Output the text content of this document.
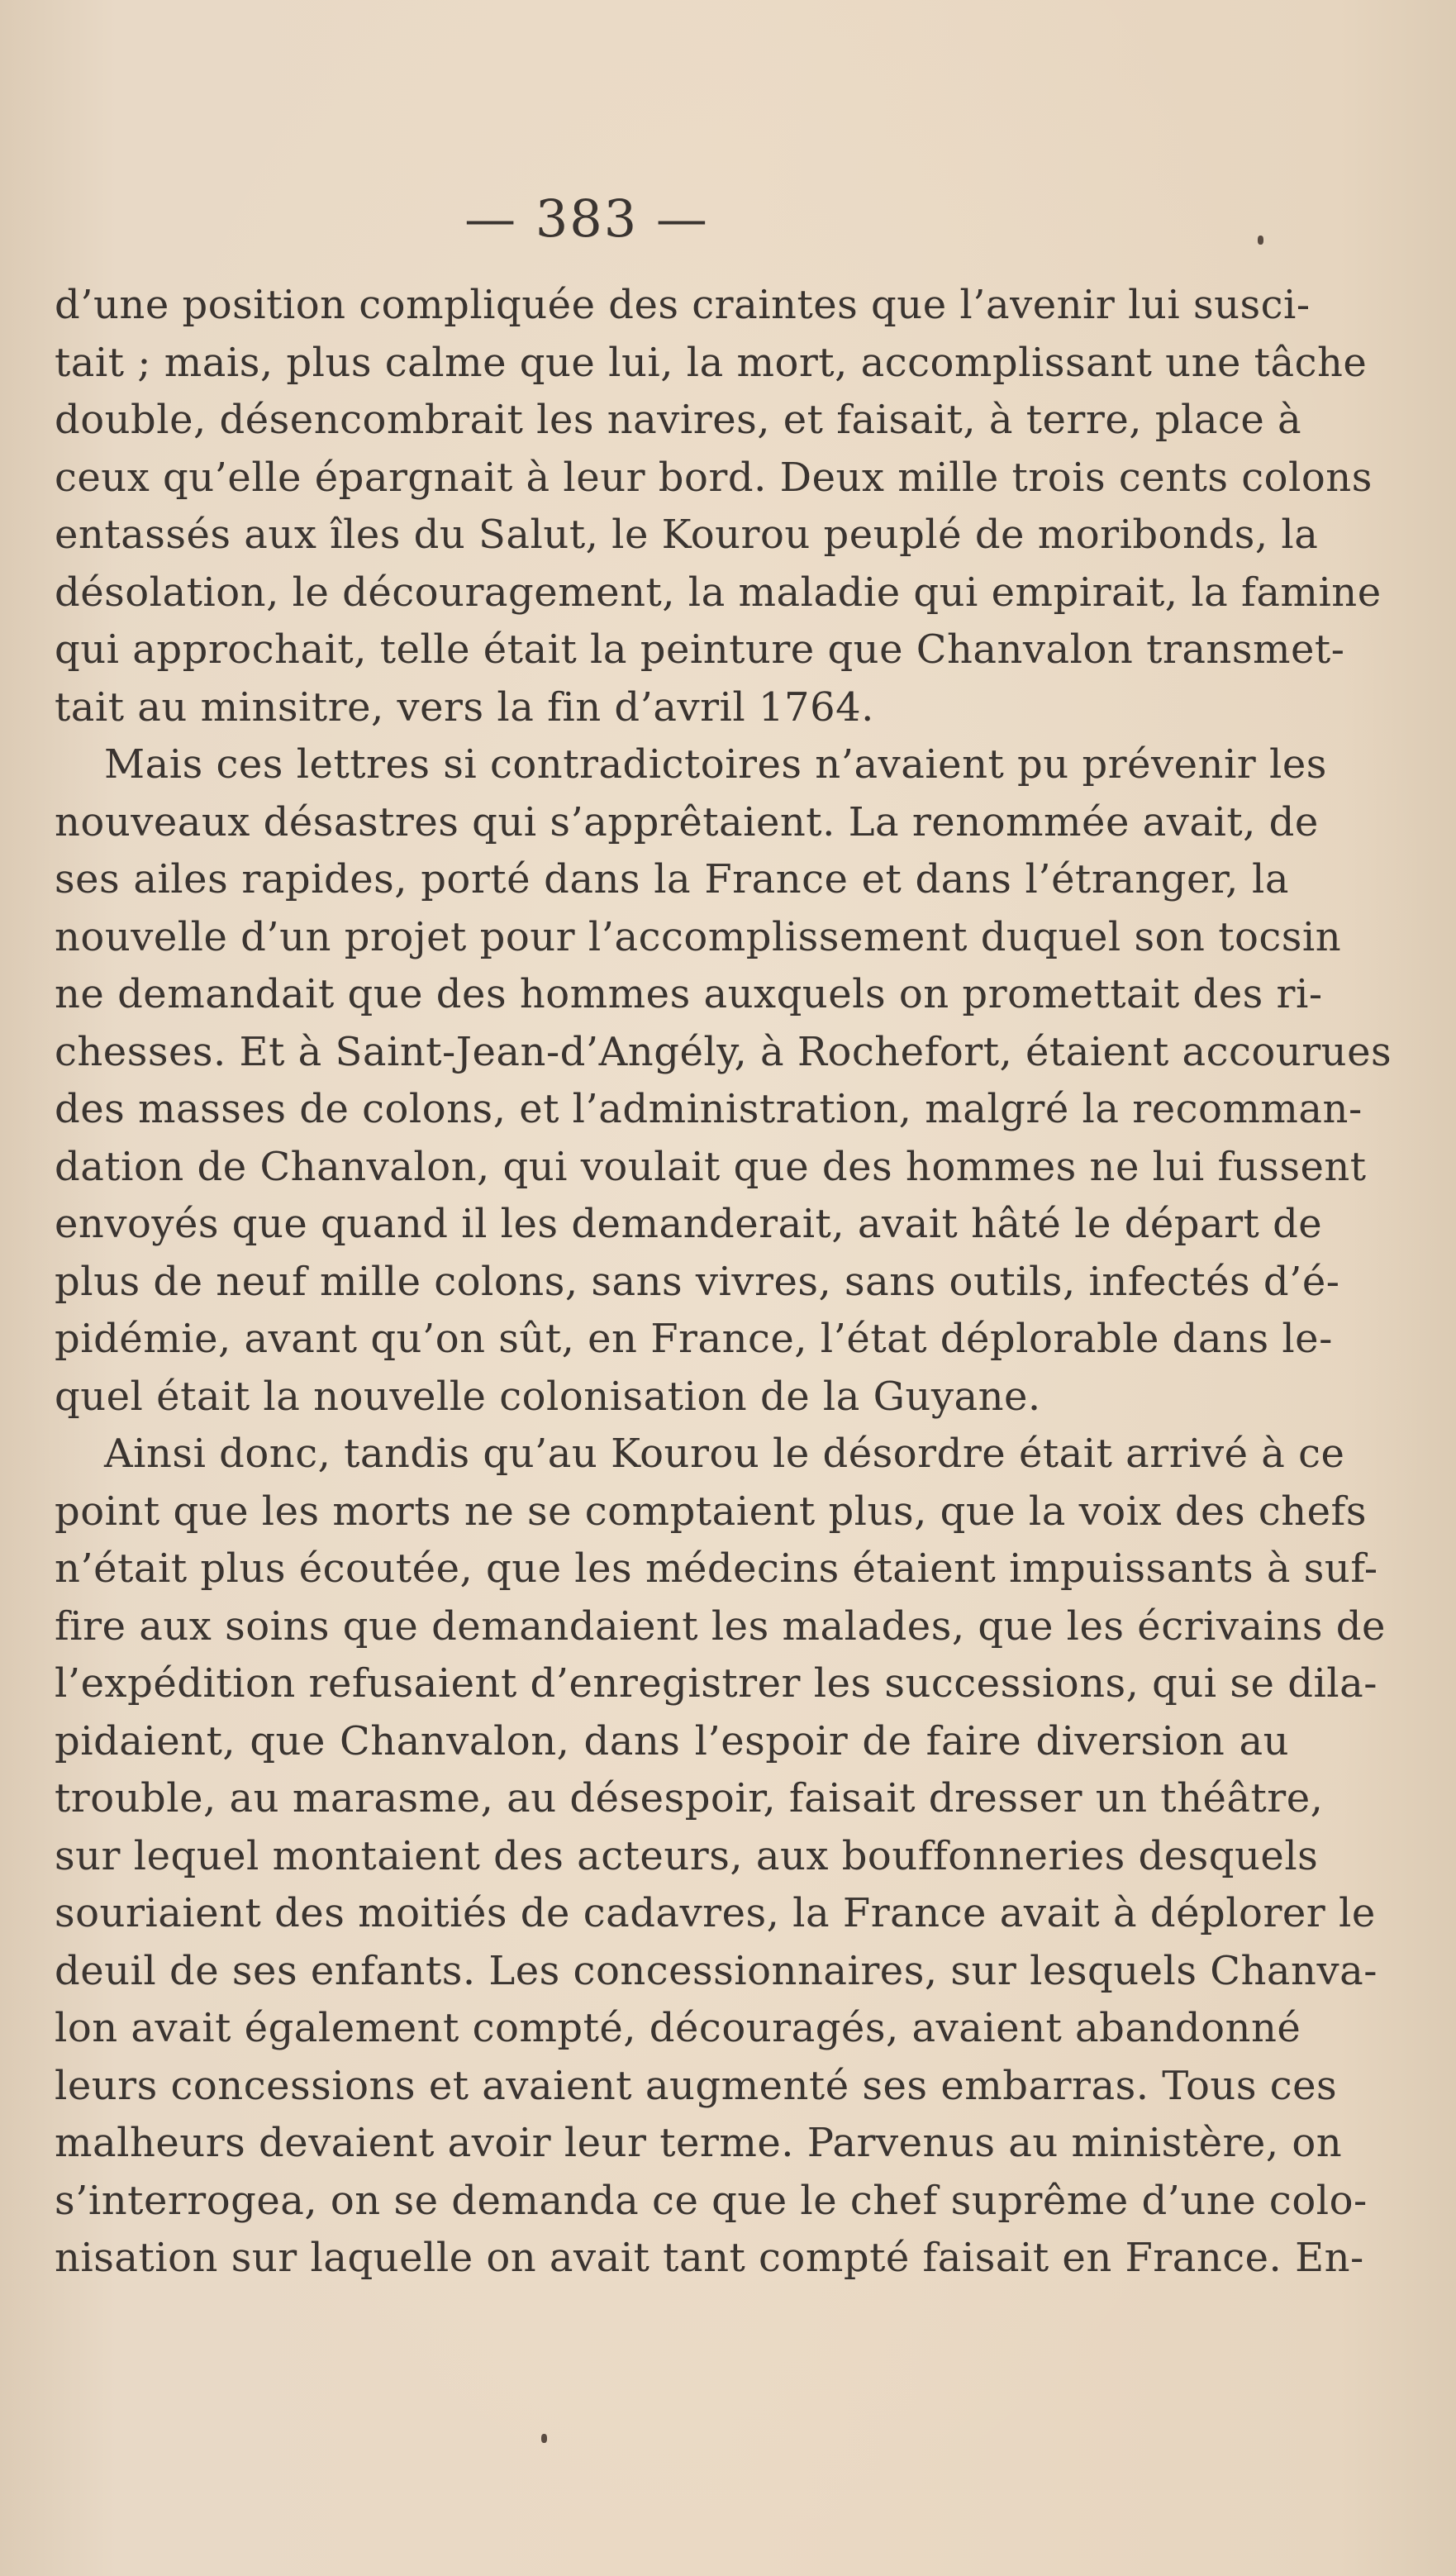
— 383 —
d’une position compliquée des craintes que l’avenir lui susci-
tait ; mais, plus calme que lui, la mort, accomplissant une tâche
double, désencombrait les navires, et faisait, à terre, place à
ceux qu’elle épargnait à leur bord. Deux mille trois cents colons
entassés aux îles du Salut, le Kourou peuplé de moribonds, la
désolation, le découragement, la maladie qui empirait, la famine
qui approchait, telle était la peinture que Chanvalon transmet-
tait au minsitre, vers la fin d’avril 1764.
Mais ces lettres si contradictoires n’avaient pu prévenir les
nouveaux désastres qui s’apprêtaient. La renommée avait, de
ses ailes rapides, porté dans la France et dans l’étranger, la
nouvelle d’un projet pour l’accomplissement duquel son tocsin
ne demandait que des hommes auxquels on promettait des ri-
chesses. Et à Saint-Jean-d’Angély, à Rochefort, étaient accourues
des masses de colons, et l’administration, malgré la recomman-
dation de Chanvalon, qui voulait que des hommes ne lui fussent
envoyés que quand il les demanderait, avait hâté le départ de
plus de neuf mille colons, sans vivres, sans outils, infectés d’é-
pidémie, avant qu’on sût, en France, l’état déplorable dans le-
quel était la nouvelle colonisation de la Guyane.
Ainsi donc, tandis qu’au Kourou le désordre était arrivé à ce
point que les morts ne se comptaient plus, que la voix des chefs
n’était plus écoutée, que les médecins étaient impuissants à suf-
fire aux soins que demandaient les malades, que les écrivains de
l’expédition refusaient d’enregistrer les successions, qui se dila-
pidaient, que Chanvalon, dans l’espoir de faire diversion au
trouble, au marasme, au désespoir, faisait dresser un théâtre,
sur lequel montaient des acteurs, aux bouffonneries desquels
souriaient des moitiés de cadavres, la France avait à déplorer le
deuil de ses enfants. Les concessionnaires, sur lesquels Chanva-
lon avait également compté, découragés, avaient abandonné
leurs concessions et avaient augmenté ses embarras. Tous ces
malheurs devaient avoir leur terme. Parvenus au ministère, on
s’interrogea, on se demanda ce que le chef suprême d’une colo-
nisation sur laquelle on avait tant compté faisait en France. En-
